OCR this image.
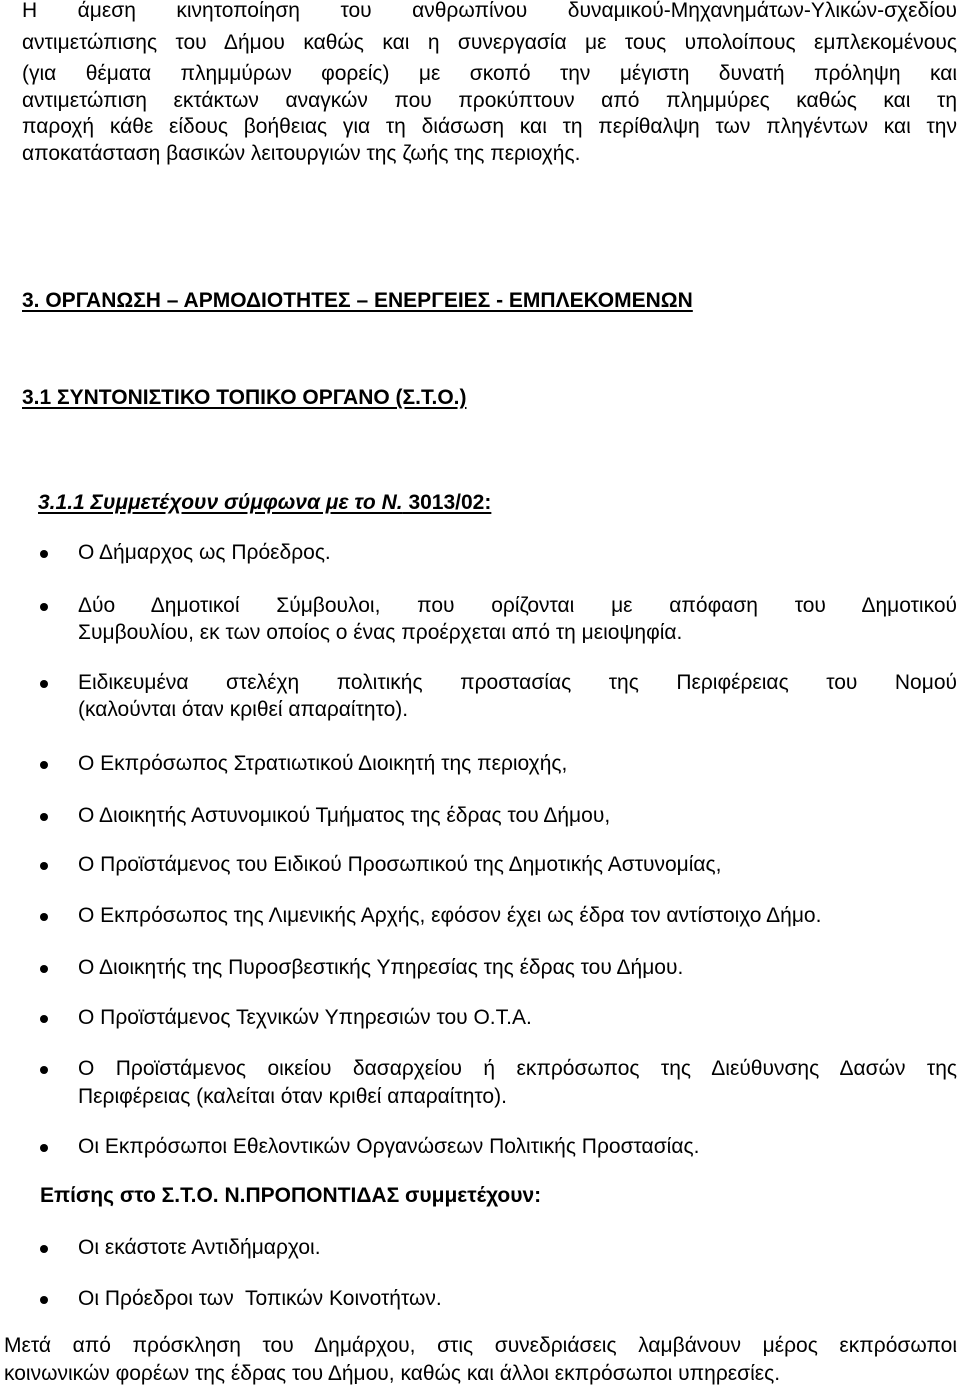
Η άμεση κινητοποίηση του ανθρωπίνου δυναμικού-Μηχανημάτων-Υλικών-σχεδίου
αντιμετώπισης του Δήμου καθώς και η συνεργασία με τους υπολοίπους εμπλεκομένους
(για θέματα πλημμύρων φορείς) με σκοπό την μέγιστη δυνατή πρόληψη και
αντιμετώπιση εκτάκτων αναγκών που προκύπτουν από πλημμύρες καθώς και τη
παροχή κάθε είδους βοήθειας για τη διάσωση και τη περίθαλψη των πληγέντων και την
αποκατάσταση βασικών λειτουργιών της ζωής της περιοχής.
3. ΟΡΓΑΝΩΣΗ – ΑΡΜΟΔΙΟΤΗΤΕΣ – ΕΝΕΡΓΕΙΕΣ - ΕΜΠΛΕΚΟΜΕΝΩΝ
3.1 ΣΥΝΤΟΝΙΣΤΙΚΟ ΤΟΠΙΚΟ ΟΡΓΑΝΟ (Σ.Τ.Ο.)
3.1.1 Συμμετέχουν σύμφωνα με το Ν. 3013/02:
Ο Δήμαρχος ως Πρόεδρος.
Δύο Δημοτικοί Σύμβουλοι, που ορίζονται με απόφαση του Δημοτικού
Συμβουλίου, εκ των οποίος ο ένας προέρχεται από τη μειοψηφία.
Ειδικευμένα στελέχη πολιτικής προστασίας της Περιφέρειας του Νομού
(καλούνται όταν κριθεί απαραίτητο).
Ο Εκπρόσωπος Στρατιωτικού Διοικητή της περιοχής,
Ο Διοικητής Αστυνομικού Τμήματος της έδρας του Δήμου,
Ο Προϊστάμενος του Ειδικού Προσωπικού της Δημοτικής Αστυνομίας,
Ο Εκπρόσωπος της Λιμενικής Αρχής, εφόσον έχει ως έδρα τον αντίστοιχο Δήμο.
Ο Διοικητής της Πυροσβεστικής Υπηρεσίας της έδρας του Δήμου.
Ο Προϊστάμενος Τεχνικών Υπηρεσιών του Ο.Τ.Α.
Ο Προϊστάμενος οικείου δασαρχείου ή εκπρόσωπος της Διεύθυνσης Δασών της
Περιφέρειας (καλείται όταν κριθεί απαραίτητο).
Οι Εκπρόσωποι Εθελοντικών Οργανώσεων Πολιτικής Προστασίας.
Επίσης στο Σ.Τ.Ο. Ν.ΠΡΟΠΟΝΤΙΔΑΣ συμμετέχουν:
Οι εκάστοτε Αντιδήμαρχοι.
Οι Πρόεδροι των  Τοπικών Κοινοτήτων.
Μετά από πρόσκληση του Δημάρχου, στις συνεδριάσεις λαμβάνουν μέρος εκπρόσωποι
κοινωνικών φορέων της έδρας του Δήμου, καθώς και άλλοι εκπρόσωποι υπηρεσίες.
